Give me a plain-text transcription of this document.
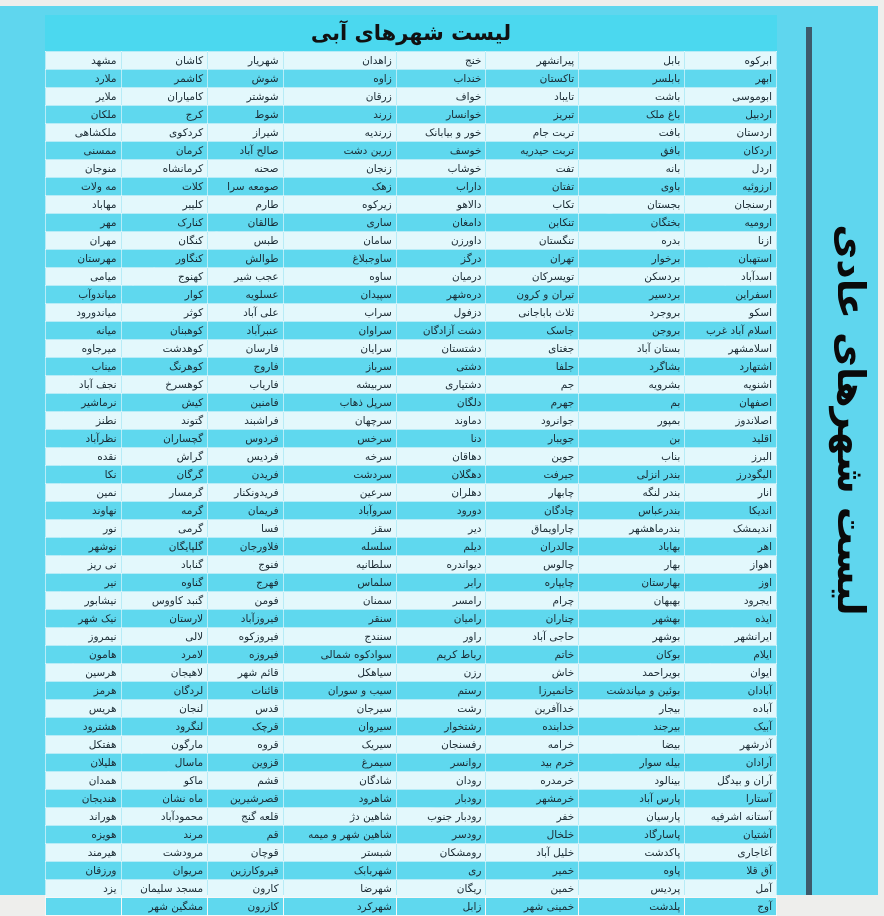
لیست شهرهای آبی
ابرکوه	بابل	پیرانشهر	خنج	زاهدان	شهریار	کاشان	مشهد
ابهر	بابلسر	تاکستان	خنداب	زاوه	شوش	کاشمر	ملارد
ابوموسی	باشت	تایباد	خواف	زرقان	شوشتر	کامیاران	ملایر
اردبیل	باغ ملک	تبریز	خوانسار	زرند	شوط	کرج	ملکان
اردستان	بافت	تربت جام	خور و بیابانک	زرندیه	شیراز	کردکوی	ملکشاهی
اردکان	بافق	تربت حیدریه	خوسف	زرین دشت	صالح آباد	کرمان	ممسنی
اردل	بانه	تفت	خوشاب	زنجان	صحنه	کرمانشاه	منوجان
ارزوئیه	باوی	تفتان	داراب	زهک	صومعه سرا	کلات	مه ولات
ارسنجان	بجستان	تکاب	دالاهو	زیرکوه	طارم	کلیبر	مهاباد
ارومیه	بختگان	تنکابن	دامغان	ساری	طالقان	کنارک	مهر
ازنا	بدره	تنگستان	داورزن	سامان	طبس	کنگان	مهران
استهبان	برخوار	تهران	درگز	ساوجبلاغ	طوالش	کنگاور	مهرستان
اسدآباد	بردسکن	تویسرکان	درمیان	ساوه	عجب شیر	کهنوج	میامی
اسفراین	بردسیر	تیران و کرون	دره‌شهر	سپیدان	عسلویه	کوار	میاندوآب
اسکو	بروجرد	ثلاث باباجانی	دزفول	سراب	علی آباد	کوثر	میاندورود
اسلام آباد غرب	بروجن	جاسک	دشت آزادگان	سراوان	عنبرآباد	کوهبنان	میانه
اسلامشهر	بستان آباد	جغتای	دشتستان	سرایان	فارسان	کوهدشت	میرجاوه
اشتهارد	بشاگرد	جلفا	دشتی	سرباز	فاروج	کوهرنگ	میناب
اشنویه	بشرویه	جم	دشتیاری	سربیشه	فاریاب	کوهسرخ	نجف آباد
اصفهان	بم	جهرم	دلگان	سرپل ذهاب	فامنین	کیش	نرماشیر
اصلاندوز	بمپور	جوانرود	دماوند	سرچهان	فراشبند	گتوند	نطنز
اقلید	بن	جویبار	دنا	سرخس	فردوس	گچساران	نظرآباد
البرز	بناب	جوین	دهاقان	سرخه	فردیس	گراش	نقده
الیگودرز	بندر انزلی	جیرفت	دهگلان	سردشت	فریدن	گرگان	نکا
انار	بندر لنگه	چابهار	دهلران	سرعین	فریدونکنار	گرمسار	نمین
اندیکا	بندرعباس	چادگان	دورود	سروآباد	فریمان	گرمه	نهاوند
اندیمشک	بندرماهشهر	چاراویماق	دیر	سقز	فسا	گرمی	نور
اهر	بهاباد	چالدران	دیلم	سلسله	فلاورجان	گلپایگان	نوشهر
اهواز	بهار	چالوس	دیواندره	سلطانیه	فنوج	گناباد	نی ریز
اوز	بهارستان	چایپاره	رابر	سلماس	فهرج	گناوه	نیر
ایجرود	بهبهان	چرام	رامسر	سمنان	فومن	گنبد کاووس	نیشابور
ایذه	بهشهر	چناران	رامیان	سنقر	فیروزآباد	لارستان	نیک شهر
ایرانشهر	بوشهر	حاجی آباد	راور	سنندج	فیروزکوه	لالی	نیمروز
ایلام	بوکان	خاتم	رباط کریم	سوادکوه شمالی	فیروزه	لامرد	هامون
ایوان	بویراحمد	خاش	رزن	سیاهکل	قائم شهر	لاهیجان	هرسین
آبادان	بوئین و میاندشت	خانمیرزا	رستم	سیب و سوران	قائنات	لردگان	هرمز
آباده	بیجار	خداآفرین	رشت	سیرجان	قدس	لنجان	هریس
آبیک	بیرجند	خدابنده	رشتخوار	سیروان	قرچک	لنگرود	هشترود
آذرشهر	بیضا	خرامه	رفسنجان	سیریک	قروه	مارگون	هفتکل
آرادان	بیله سوار	خرم بید	روانسر	سیمرغ	قزوین	ماسال	هلیلان
آران و بیدگل	بینالود	خرمدره	رودان	شادگان	قشم	ماکو	همدان
آستارا	پارس آباد	خرمشهر	رودبار	شاهرود	قصرشیرین	ماه نشان	هندیجان
آستانه اشرفیه	پارسیان	خفر	رودبار جنوب	شاهین دژ	قلعه گنج	محمودآباد	هوراند
آشتیان	پاسارگاد	خلخال	رودسر	شاهین شهر و میمه	قم	مرند	هویزه
آغاجاری	پاکدشت	خلیل آباد	رومشکان	شبستر	قوچان	مرودشت	هیرمند
آق قلا	پاوه	خمیر	ری	شهربابک	قیروکارزین	مریوان	ورزقان
آمل	پردیس	خمین	ریگان	شهرضا	کارون	مسجد سلیمان	یزد
آوج	پلدشت	خمینی شهر	زابل	شهرکرد	کازرون	مشگین شهر	
لیست شهرهای عادی
